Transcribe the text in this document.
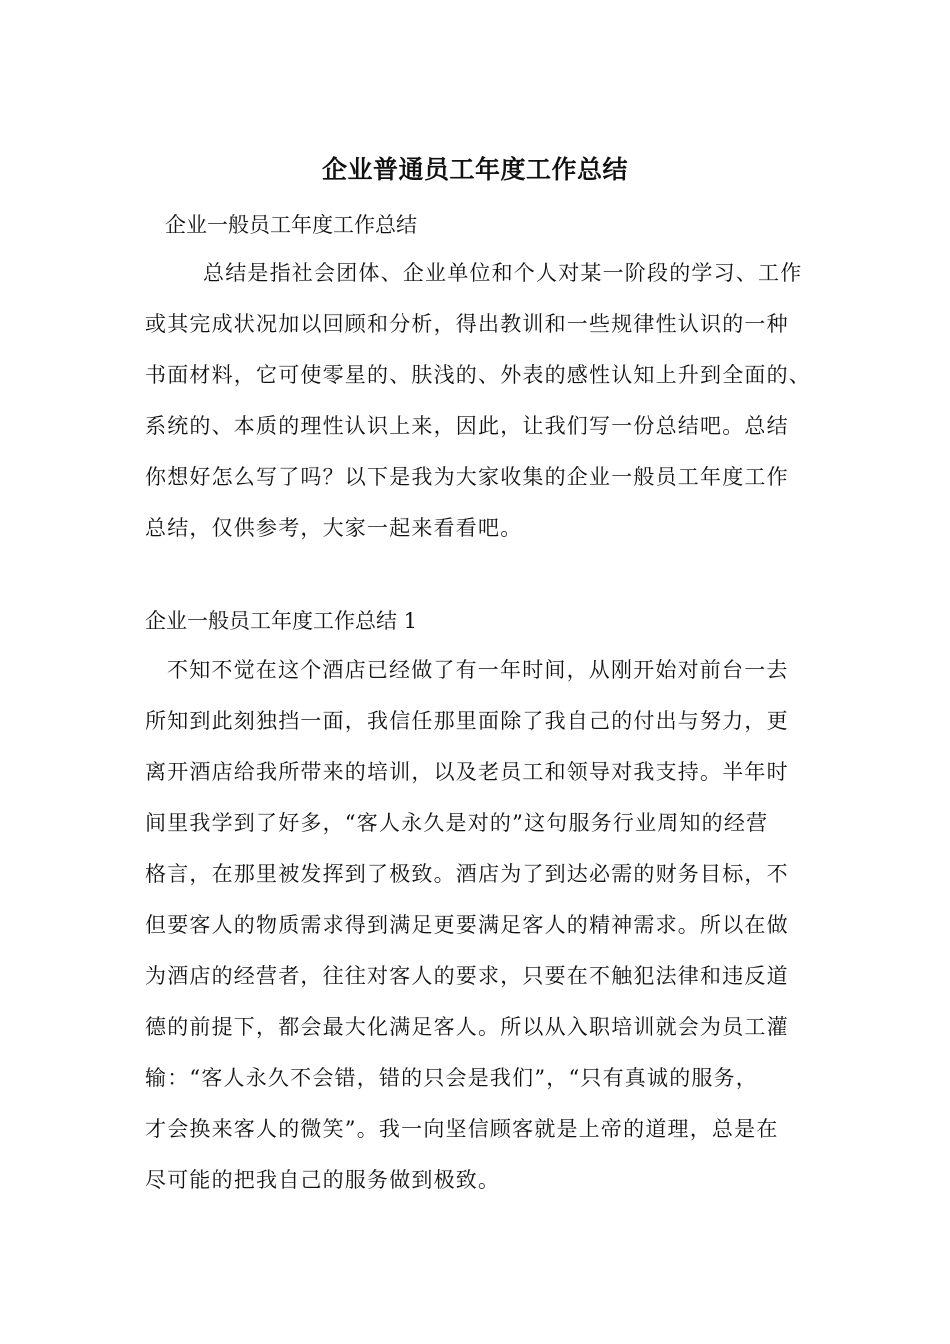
企业普通员工年度工作总结
企业一般员工年度工作总结
总结是指社会团体、企业单位和个人对某一阶段的学习、工作
或其完成状况加以回顾和分析，得出教训和一些规律性认识的一种
书面材料，它可使零星的、肤浅的、外表的感性认知上升到全面的、
系统的、本质的理性认识上来，因此，让我们写一份总结吧。总结
你想好怎么写了吗？以下是我为大家收集的企业一般员工年度工作
总结，仅供参考，大家一起来看看吧。
企业一般员工年度工作总结 1
不知不觉在这个酒店已经做了有一年时间，从刚开始对前台一去
所知到此刻独挡一面，我信任那里面除了我自己的付出与努力，更
离开酒店给我所带来的培训，以及老员工和领导对我支持。半年时
间里我学到了好多，“客人永久是对的”这句服务行业周知的经营
格言，在那里被发挥到了极致。酒店为了到达必需的财务目标，不
但要客人的物质需求得到满足更要满足客人的精神需求。所以在做
为酒店的经营者，往往对客人的要求，只要在不触犯法律和违反道
德的前提下，都会最大化满足客人。所以从入职培训就会为员工灌
输：“客人永久不会错，错的只会是我们”，“只有真诚的服务，
才会换来客人的微笑”。我一向坚信顾客就是上帝的道理，总是在
尽可能的把我自己的服务做到极致。
